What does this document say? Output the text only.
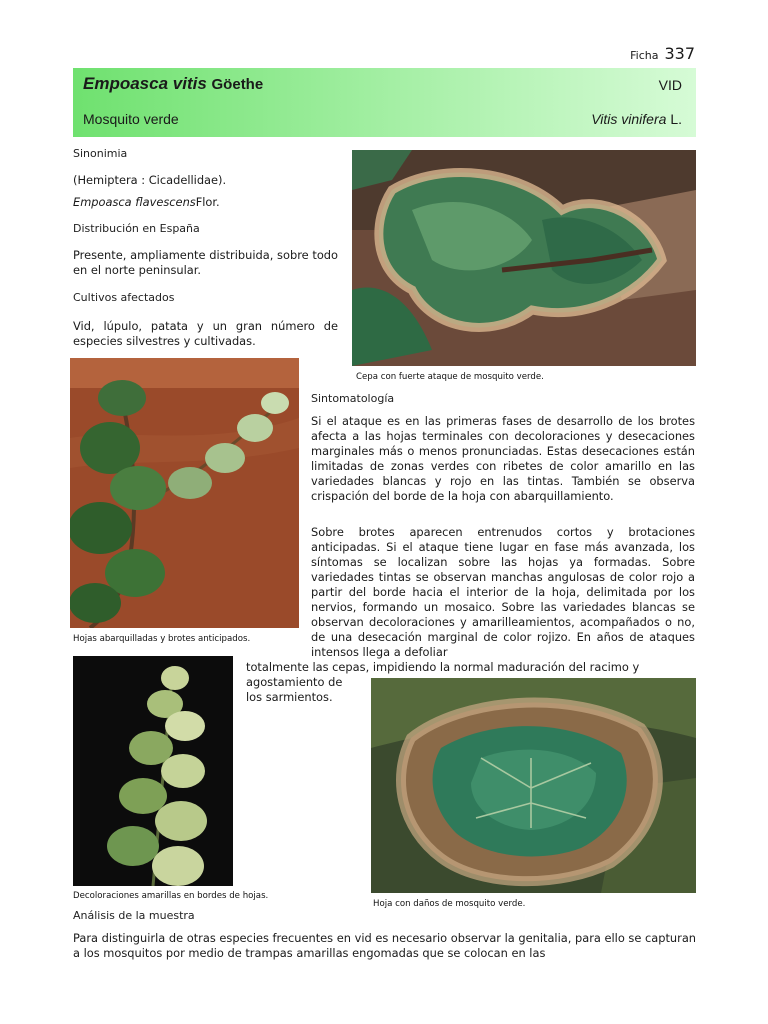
Ficha 337
Empoasca vitis Göethe	VID
Mosquito verde	Vitis vinifera L.
Sinonimia
(Hemiptera : Cicadellidae).
Empoasca flavescensFlor.
Distribución en España
Presente, ampliamente distribuida, sobre todo en el norte peninsular.
Cultivos afectados
Vid, lúpulo, patata y un gran número de especies silvestres y cultivadas.
Cepa con fuerte ataque de mosquito verde.
Hojas abarquilladas y brotes anticipados.
Sintomatología
Si el ataque es en las primeras fases de desarrollo de los brotes afecta a las hojas terminales con decoloraciones y desecaciones marginales más o menos pronunciadas. Estas desecaciones están limitadas de zonas verdes con ribetes de color amarillo en las variedades blancas y rojo en las tintas. También se observa crispación del borde de la hoja con abarquillamiento.
Sobre brotes aparecen entrenudos cortos y brotaciones anticipadas. Si el ataque tiene lugar en fase más avanzada, los síntomas se localizan sobre las hojas ya formadas. Sobre variedades tintas se observan manchas angulosas de color rojo a partir del borde hacia el interior de la hoja, delimitada por los nervios, formando un mosaico. Sobre las variedades blancas se observan decoloraciones y amarilleamientos, acompañados o no, de una desecación marginal de color rojizo. En años de ataques intensos llega a defoliar
totalmente las cepas, impidiendo la normal maduración del racimo y
agostamiento de
los sarmientos.
Decoloraciones amarillas en bordes de hojas.
Hoja con daños de mosquito verde.
Análisis de la muestra
Para distinguirla de otras especies frecuentes en vid es necesario observar la genitalia, para ello se capturan a los mosquitos por medio de trampas amarillas engomadas que se colocan en las
